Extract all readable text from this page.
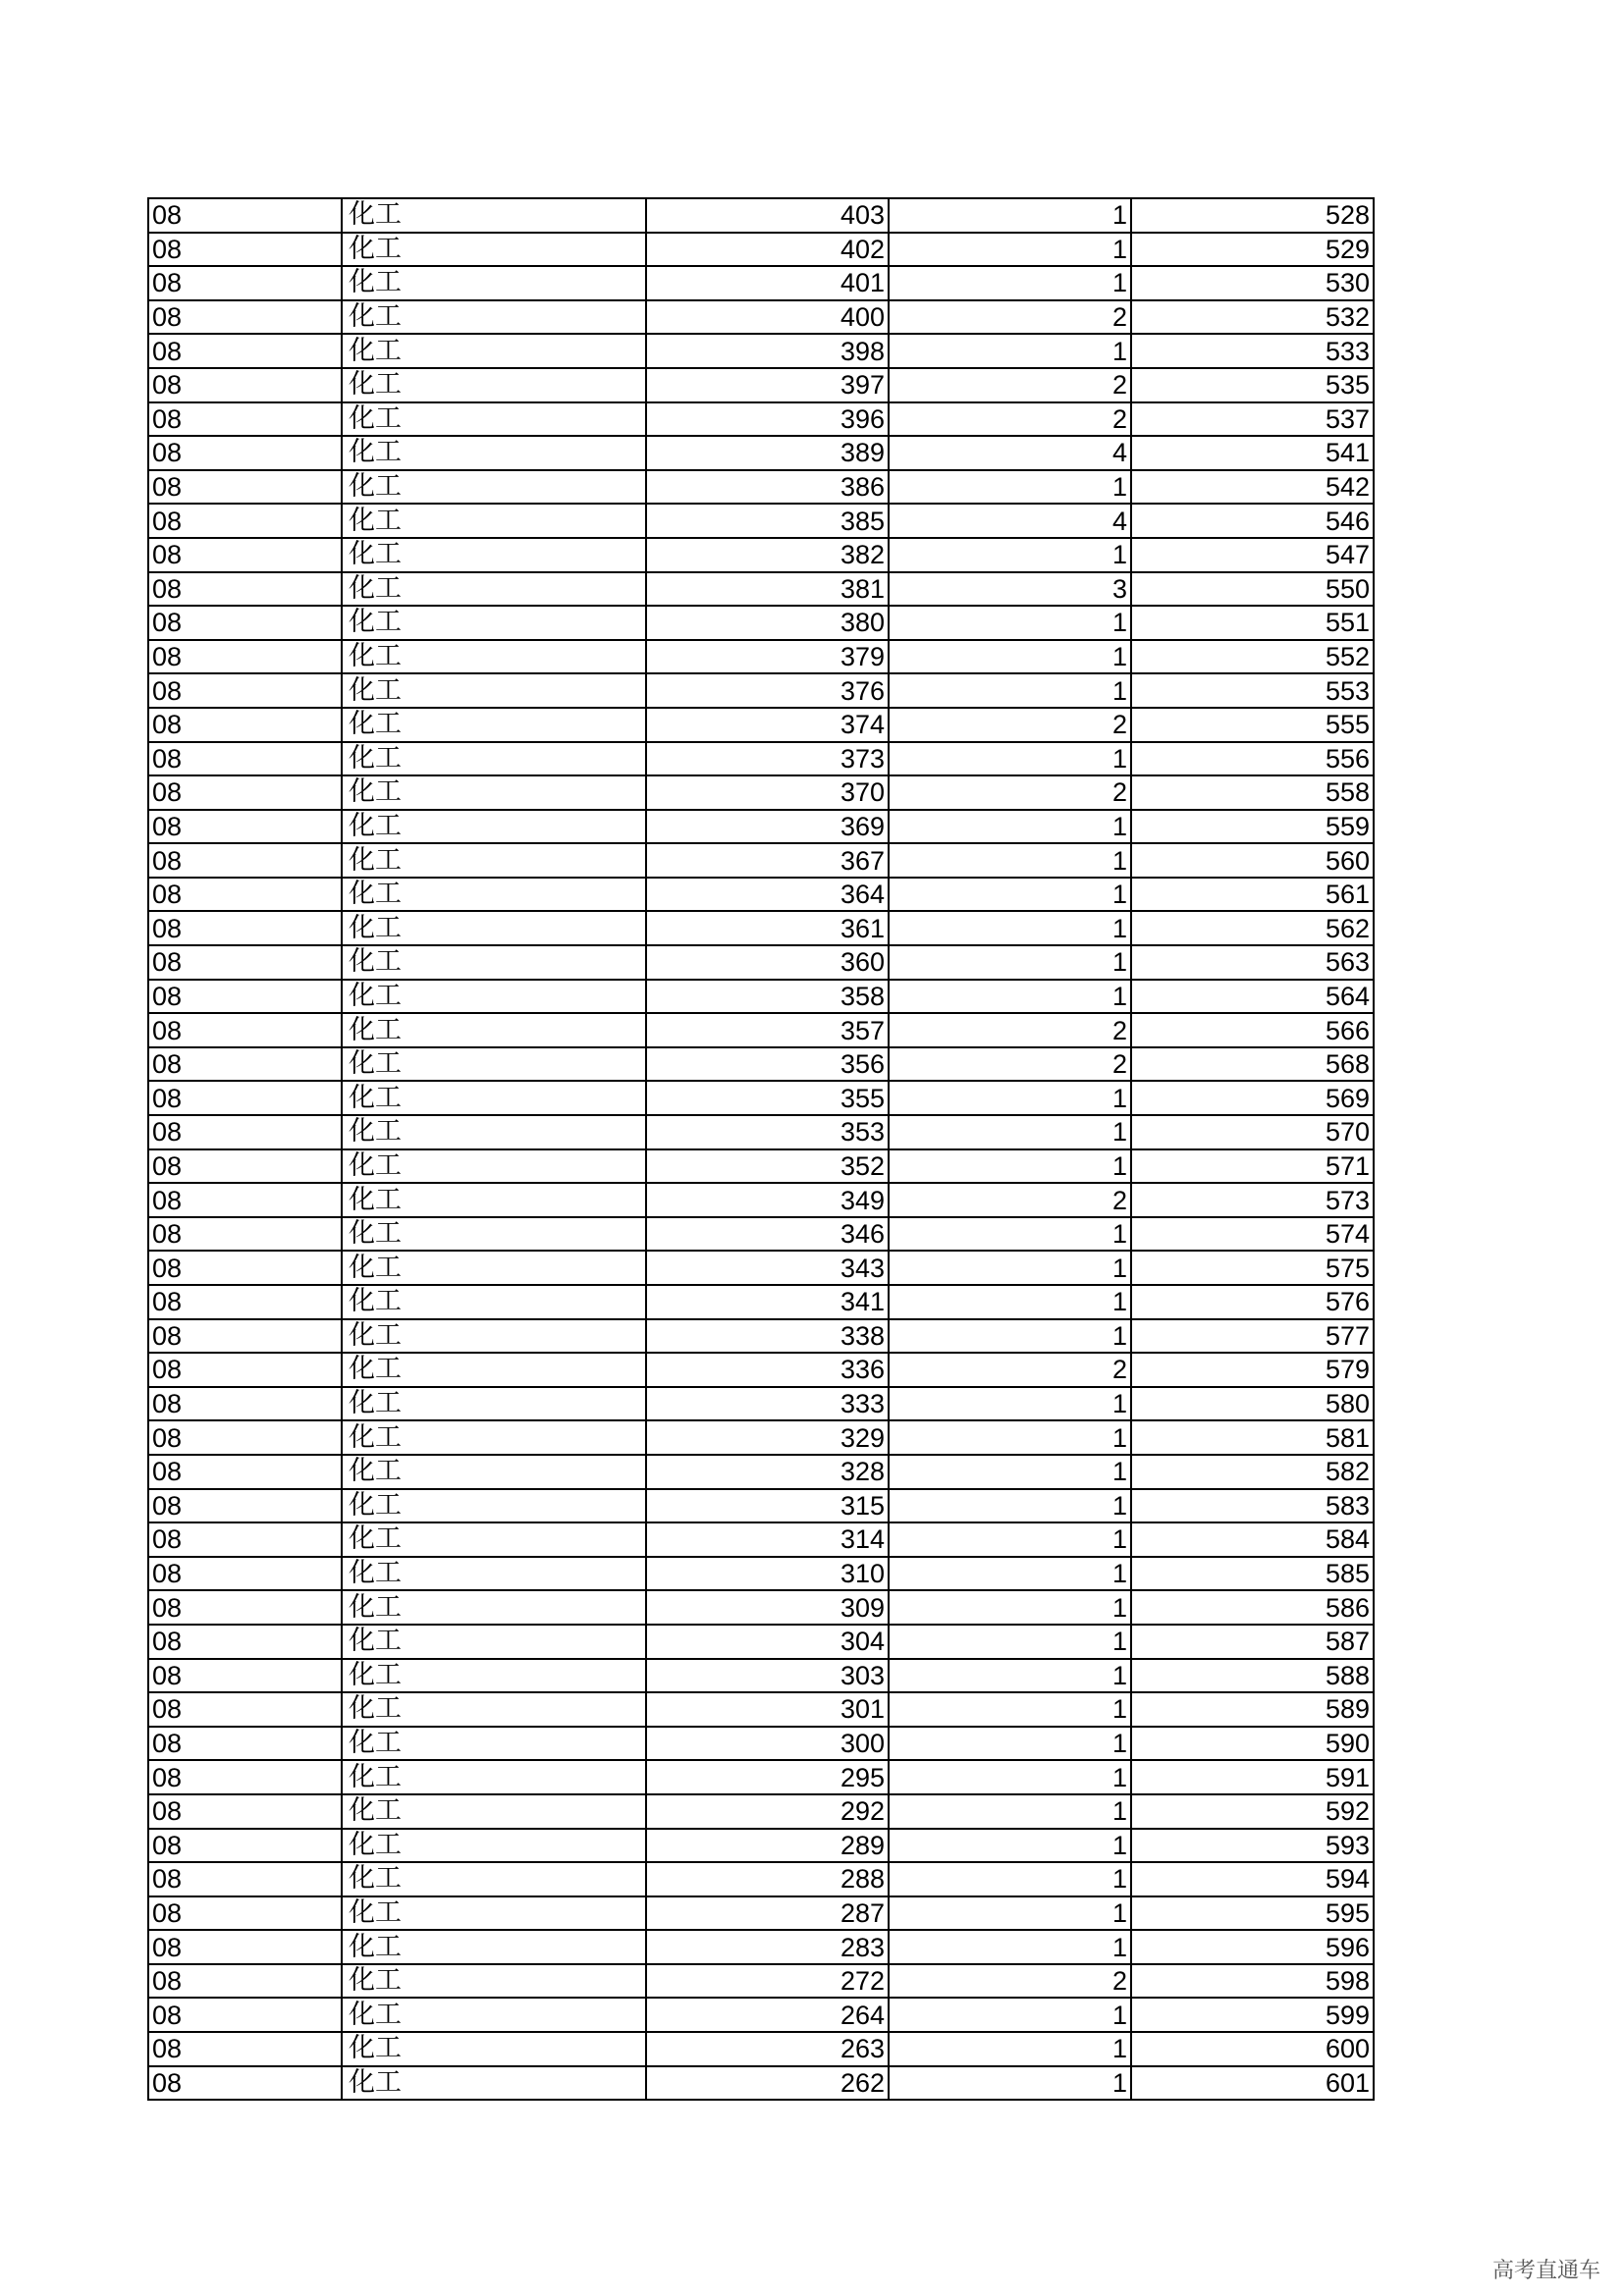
08	化工	403	1	528
08	化工	402	1	529
08	化工	401	1	530
08	化工	400	2	532
08	化工	398	1	533
08	化工	397	2	535
08	化工	396	2	537
08	化工	389	4	541
08	化工	386	1	542
08	化工	385	4	546
08	化工	382	1	547
08	化工	381	3	550
08	化工	380	1	551
08	化工	379	1	552
08	化工	376	1	553
08	化工	374	2	555
08	化工	373	1	556
08	化工	370	2	558
08	化工	369	1	559
08	化工	367	1	560
08	化工	364	1	561
08	化工	361	1	562
08	化工	360	1	563
08	化工	358	1	564
08	化工	357	2	566
08	化工	356	2	568
08	化工	355	1	569
08	化工	353	1	570
08	化工	352	1	571
08	化工	349	2	573
08	化工	346	1	574
08	化工	343	1	575
08	化工	341	1	576
08	化工	338	1	577
08	化工	336	2	579
08	化工	333	1	580
08	化工	329	1	581
08	化工	328	1	582
08	化工	315	1	583
08	化工	314	1	584
08	化工	310	1	585
08	化工	309	1	586
08	化工	304	1	587
08	化工	303	1	588
08	化工	301	1	589
08	化工	300	1	590
08	化工	295	1	591
08	化工	292	1	592
08	化工	289	1	593
08	化工	288	1	594
08	化工	287	1	595
08	化工	283	1	596
08	化工	272	2	598
08	化工	264	1	599
08	化工	263	1	600
08	化工	262	1	601
高考直通车
